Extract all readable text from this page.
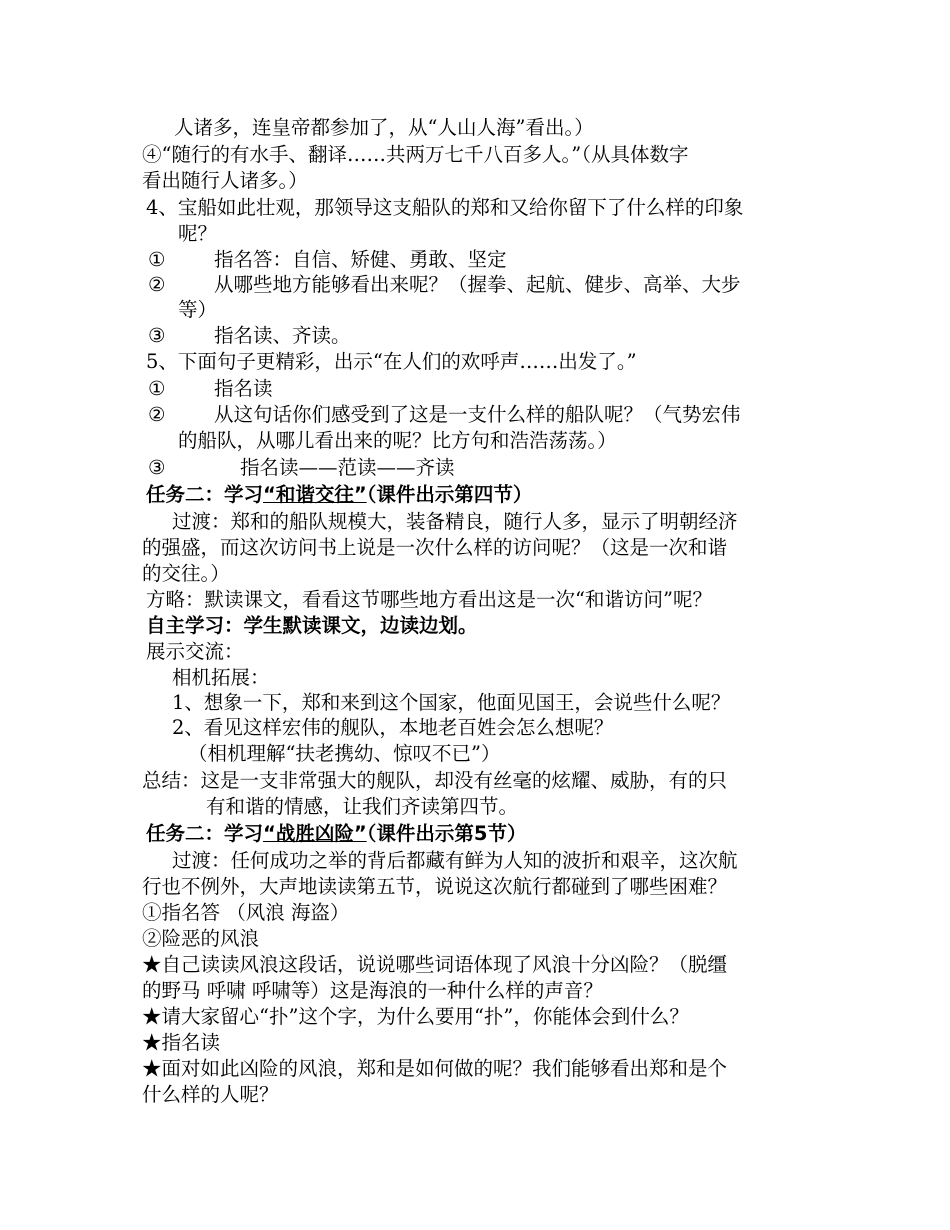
人诸多，连皇帝都参加了，从“人山人海”看出。）
④“随行的有水手、翻译……共两万七千八百多人。”（从具体数字
看出随行人诸多。）
4、宝船如此壮观，那领导这支船队的郑和又给你留下了什么样的印象
呢？
① 指名答：自信、矫健、勇敢、坚定
② 从哪些地方能够看出来呢？（握拳、起航、健步、高举、大步
等）
③ 指名读、齐读。
5、下面句子更精彩，出示“在人们的欢呼声……出发了。”
① 指名读
② 从这句话你们感受到了这是一支什么样的船队呢？（气势宏伟
的船队，从哪儿看出来的呢？比方句和浩浩荡荡。）
③	指名读——范读——齐读
任务二：学习“和谐交往”（课件出示第四节）
过渡：郑和的船队规模大，装备精良，随行人多，显示了明朝经济
的强盛，而这次访问书上说是一次什么样的访问呢？（这是一次和谐
的交往。）
方略：默读课文，看看这节哪些地方看出这是一次“和谐访问”呢？
自主学习：学生默读课文，边读边划。
展示交流：
相机拓展：
1、想象一下，郑和来到这个国家，他面见国王，会说些什么呢？
2、看见这样宏伟的舰队，本地老百姓会怎么想呢？
（相机理解“扶老携幼、惊叹不已”）
总结：这是一支非常强大的舰队，却没有丝毫的炫耀、威胁，有的只
有和谐的情感，让我们齐读第四节。
任务二：学习“战胜凶险”（课件出示第5节）
过渡：任何成功之举的背后都藏有鲜为人知的波折和艰辛，这次航
行也不例外，大声地读读第五节，说说这次航行都碰到了哪些困难？
①指名答 （风浪 海盗）
②险恶的风浪
★自己读读风浪这段话，说说哪些词语体现了风浪十分凶险？（脱缰
的野马 呼啸 呼啸等）这是海浪的一种什么样的声音？
★请大家留心“扑”这个字，为什么要用“扑”，你能体会到什么？
★指名读
★面对如此凶险的风浪，郑和是如何做的呢？我们能够看出郑和是个
什么样的人呢？
